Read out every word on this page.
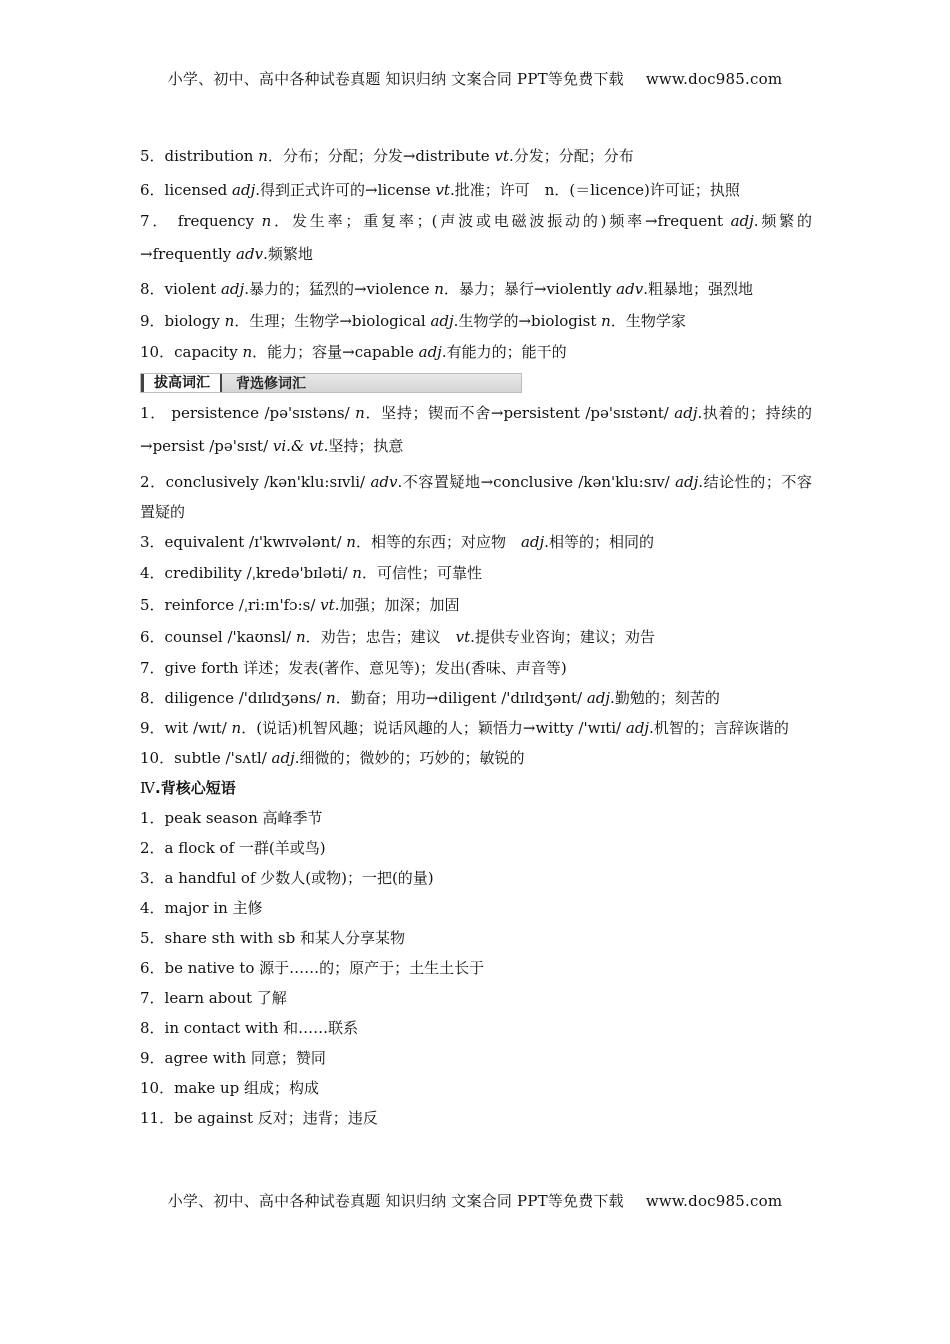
小学、初中、高中各种试卷真题 知识归纳 文案合同 PPT等免费下载 www.doc985.com
5．distribution n．分布；分配；分发→distribute vt.分发；分配；分布
6．licensed adj.得到正式许可的→license vt.批准；许可　n．(＝licence)许可证；执照
7． frequency n．发生率；重复率；(声波或电磁波振动的)频率→frequent adj.频繁的→frequently adv.频繁地
8．violent adj.暴力的；猛烈的→violence n．暴力；暴行→violently adv.粗暴地；强烈地
9．biology n．生理；生物学→biological adj.生物学的→biologist n．生物学家
10．capacity n．能力；容量→capable adj.有能力的；能干的
拔高词汇	背选修词汇
1． persistence /pə'sɪstəns/ n．坚持；锲而不舍→persistent /pə'sɪstənt/ adj.执着的；持续的→persist /pə'sɪst/ vi.& vt.坚持；执意
2．conclusively /kən'klu:sɪvli/ adv.不容置疑地→conclusive /kən'klu:sɪv/ adj.结论性的；不容置疑的
3．equivalent /ɪ'kwɪvələnt/ n．相等的东西；对应物　adj.相等的；相同的
4．credibility /ˌkredə'bɪləti/ n．可信性；可靠性
5．reinforce /ˌri:ɪn'fɔ:s/ vt.加强；加深；加固
6．counsel /'kaʊnsl/ n．劝告；忠告；建议　vt.提供专业咨询；建议；劝告
7．give forth 详述；发表(著作、意见等)；发出(香味、声音等)
8．diligence /'dɪlɪdʒəns/ n．勤奋；用功→diligent /'dɪlɪdʒənt/ adj.勤勉的；刻苦的
9．wit /wɪt/ n．(说话)机智风趣；说话风趣的人；颖悟力→witty /'wɪti/ adj.机智的；言辞诙谐的
10．subtle /'sʌtl/ adj.细微的；微妙的；巧妙的；敏锐的
Ⅳ.背核心短语
1．peak season 高峰季节
2．a flock of 一群(羊或鸟)
3．a handful of 少数人(或物)；一把(的量)
4．major in 主修
5．share sth with sb 和某人分享某物
6．be native to 源于……的；原产于；土生土长于
7．learn about 了解
8．in contact with 和……联系
9．agree with 同意；赞同
10．make up 组成；构成
11．be against 反对；违背；违反
小学、初中、高中各种试卷真题 知识归纳 文案合同 PPT等免费下载 www.doc985.com
